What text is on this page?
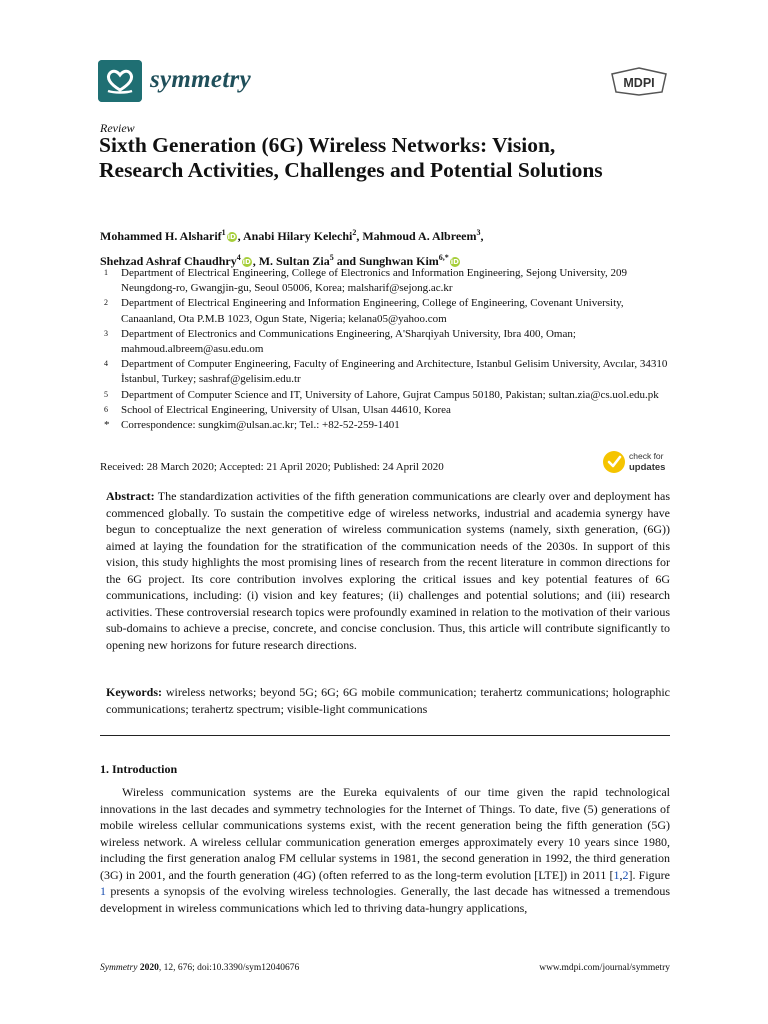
symmetry	MDPI
Review
Sixth Generation (6G) Wireless Networks: Vision, Research Activities, Challenges and Potential Solutions
Mohammed H. Alsharif$^1$ iD , Anabi Hilary Kelechi$^2$, Mahmoud A. Albreem$^3$,
Shehzad Ashraf Chaudhry$^4$ iD , M. Sultan Zia$^5$ and Sunghwan Kim$^{6,*}$ iD
1 Department of Electrical Engineering, College of Electronics and Information Engineering, Sejong University, 209 Neungdong-ro, Gwangjin-gu, Seoul 05006, Korea; malsharif@sejong.ac.kr
2 Department of Electrical Engineering and Information Engineering, College of Engineering, Covenant University, Canaanland, Ota P.M.B 1023, Ogun State, Nigeria; kelana05@yahoo.com
3 Department of Electronics and Communications Engineering, A'Sharqiyah University, Ibra 400, Oman; mahmoud.albreem@asu.edu.om
4 Department of Computer Engineering, Faculty of Engineering and Architecture, Istanbul Gelisim University, Avcılar, 34310 İstanbul, Turkey; sashraf@gelisim.edu.tr
5 Department of Computer Science and IT, University of Lahore, Gujrat Campus 50180, Pakistan; sultan.zia@cs.uol.edu.pk
6 School of Electrical Engineering, University of Ulsan, Ulsan 44610, Korea
* Correspondence: sungkim@ulsan.ac.kr; Tel.: +82-52-259-1401
Received: 28 March 2020; Accepted: 21 April 2020; Published: 24 April 2020
check for
updates
Abstract: The standardization activities of the fifth generation communications are clearly over and deployment has commenced globally. To sustain the competitive edge of wireless networks, industrial and academia synergy have begun to conceptualize the next generation of wireless communication systems (namely, sixth generation, (6G)) aimed at laying the foundation for the stratification of the communication needs of the 2030s. In support of this vision, this study highlights the most promising lines of research from the recent literature in common directions for the 6G project. Its core contribution involves exploring the critical issues and key potential features of 6G communications, including: (i) vision and key features; (ii) challenges and potential solutions; and (iii) research activities. These controversial research topics were profoundly examined in relation to the motivation of their various sub-domains to achieve a precise, concrete, and concise conclusion. Thus, this article will contribute significantly to opening new horizons for future research directions.
Keywords: wireless networks; beyond 5G; 6G; 6G mobile communication; terahertz communications; holographic communications; terahertz spectrum; visible-light communications
1. Introduction
Wireless communication systems are the Eureka equivalents of our time given the rapid technological innovations in the last decades and symmetry technologies for the Internet of Things. To date, five (5) generations of mobile wireless cellular communications systems exist, with the recent generation being the fifth generation (5G) wireless network. A wireless cellular communication generation emerges approximately every 10 years since 1980, including the first generation analog FM cellular systems in 1981, the second generation in 1992, the third generation (3G) in 2001, and the fourth generation (4G) (often referred to as the long-term evolution [LTE]) in 2011 [1,2]. Figure 1 presents a synopsis of the evolving wireless technologies. Generally, the last decade has witnessed a tremendous development in wireless communications which led to thriving data-hungry applications,
Symmetry 2020, 12, 676; doi:10.3390/sym12040676	www.mdpi.com/journal/symmetry
